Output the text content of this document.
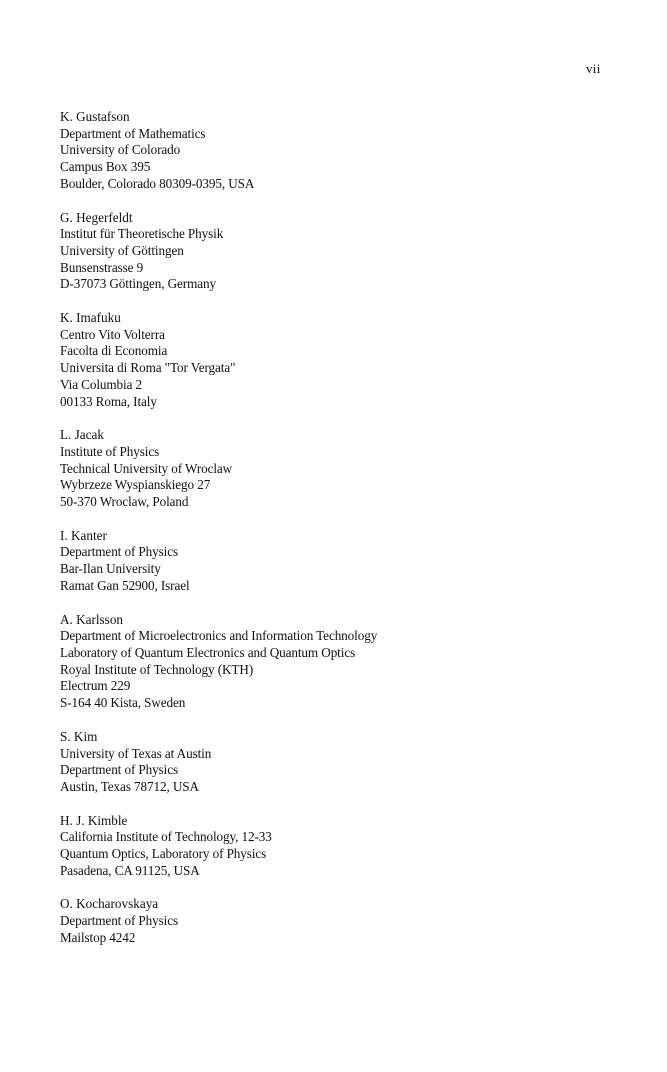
vii
K. Gustafson
Department of Mathematics
University of Colorado
Campus Box 395
Boulder, Colorado 80309-0395, USA
G. Hegerfeldt
Institut für Theoretische Physik
University of Göttingen
Bunsenstrasse 9
D-37073 Göttingen, Germany
K. Imafuku
Centro Vito Volterra
Facolta di Economia
Universita di Roma "Tor Vergata"
Via Columbia 2
00133 Roma, Italy
L. Jacak
Institute of Physics
Technical University of Wroclaw
Wybrzeze Wyspianskiego 27
50-370 Wroclaw, Poland
I. Kanter
Department of Physics
Bar-Ilan University
Ramat Gan 52900, Israel
A. Karlsson
Department of Microelectronics and Information Technology
Laboratory of Quantum Electronics and Quantum Optics
Royal Institute of Technology (KTH)
Electrum 229
S-164 40 Kista, Sweden
S. Kim
University of Texas at Austin
Department of Physics
Austin, Texas 78712, USA
H. J. Kimble
California Institute of Technology, 12-33
Quantum Optics, Laboratory of Physics
Pasadena, CA 91125, USA
O. Kocharovskaya
Department of Physics
Mailstop 4242
